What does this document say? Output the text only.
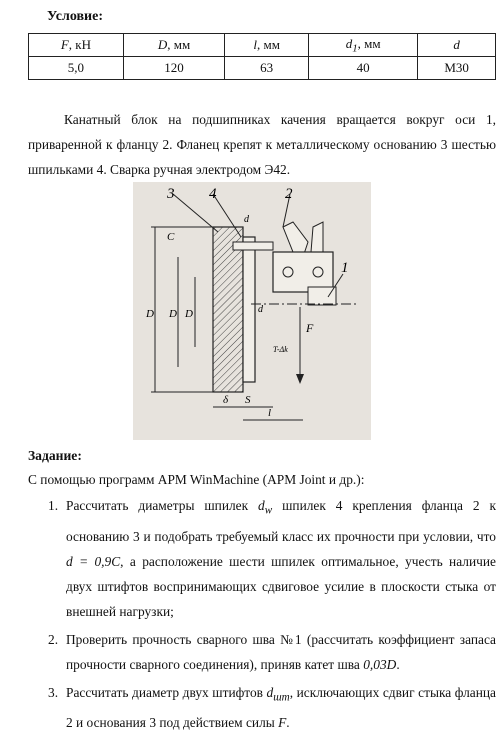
Условие:
F, кН	D, мм	l, мм	$d_1$, мм	d
5,0	120	63	40	М30
Канатный блок на подшипниках качения вращается вокруг оси 1, приваренной к фланцу 2. Фланец крепят к металлическому основанию 3 шестью шпильками 4. Сварка ручная электродом Э42.
3 4	2
1
C
D D D
d
d
F
δ S
l
T-Δk
Задание:
С помощью программ APM WinMachine (APM Joint и др.):
1. Рассчитать диаметры шпилек $d_w$ шпилек 4 крепления фланца 2 к основанию 3 и подобрать требуемый класс их прочности при условии, что d = 0,9C, а расположение шести шпилек оптимальное, учесть наличие двух штифтов воспринимающих сдвиговое усилие в плоскости стыка от внешней нагрузки;
2. Проверить прочность сварного шва №1 (рассчитать коэффициент запаса прочности сварного соединения), приняв катет шва 0,03D.
3. Рассчитать диаметр двух штифтов $d_{шт}$, исключающих сдвиг стыка фланца 2 и основания 3 под действием силы F.
